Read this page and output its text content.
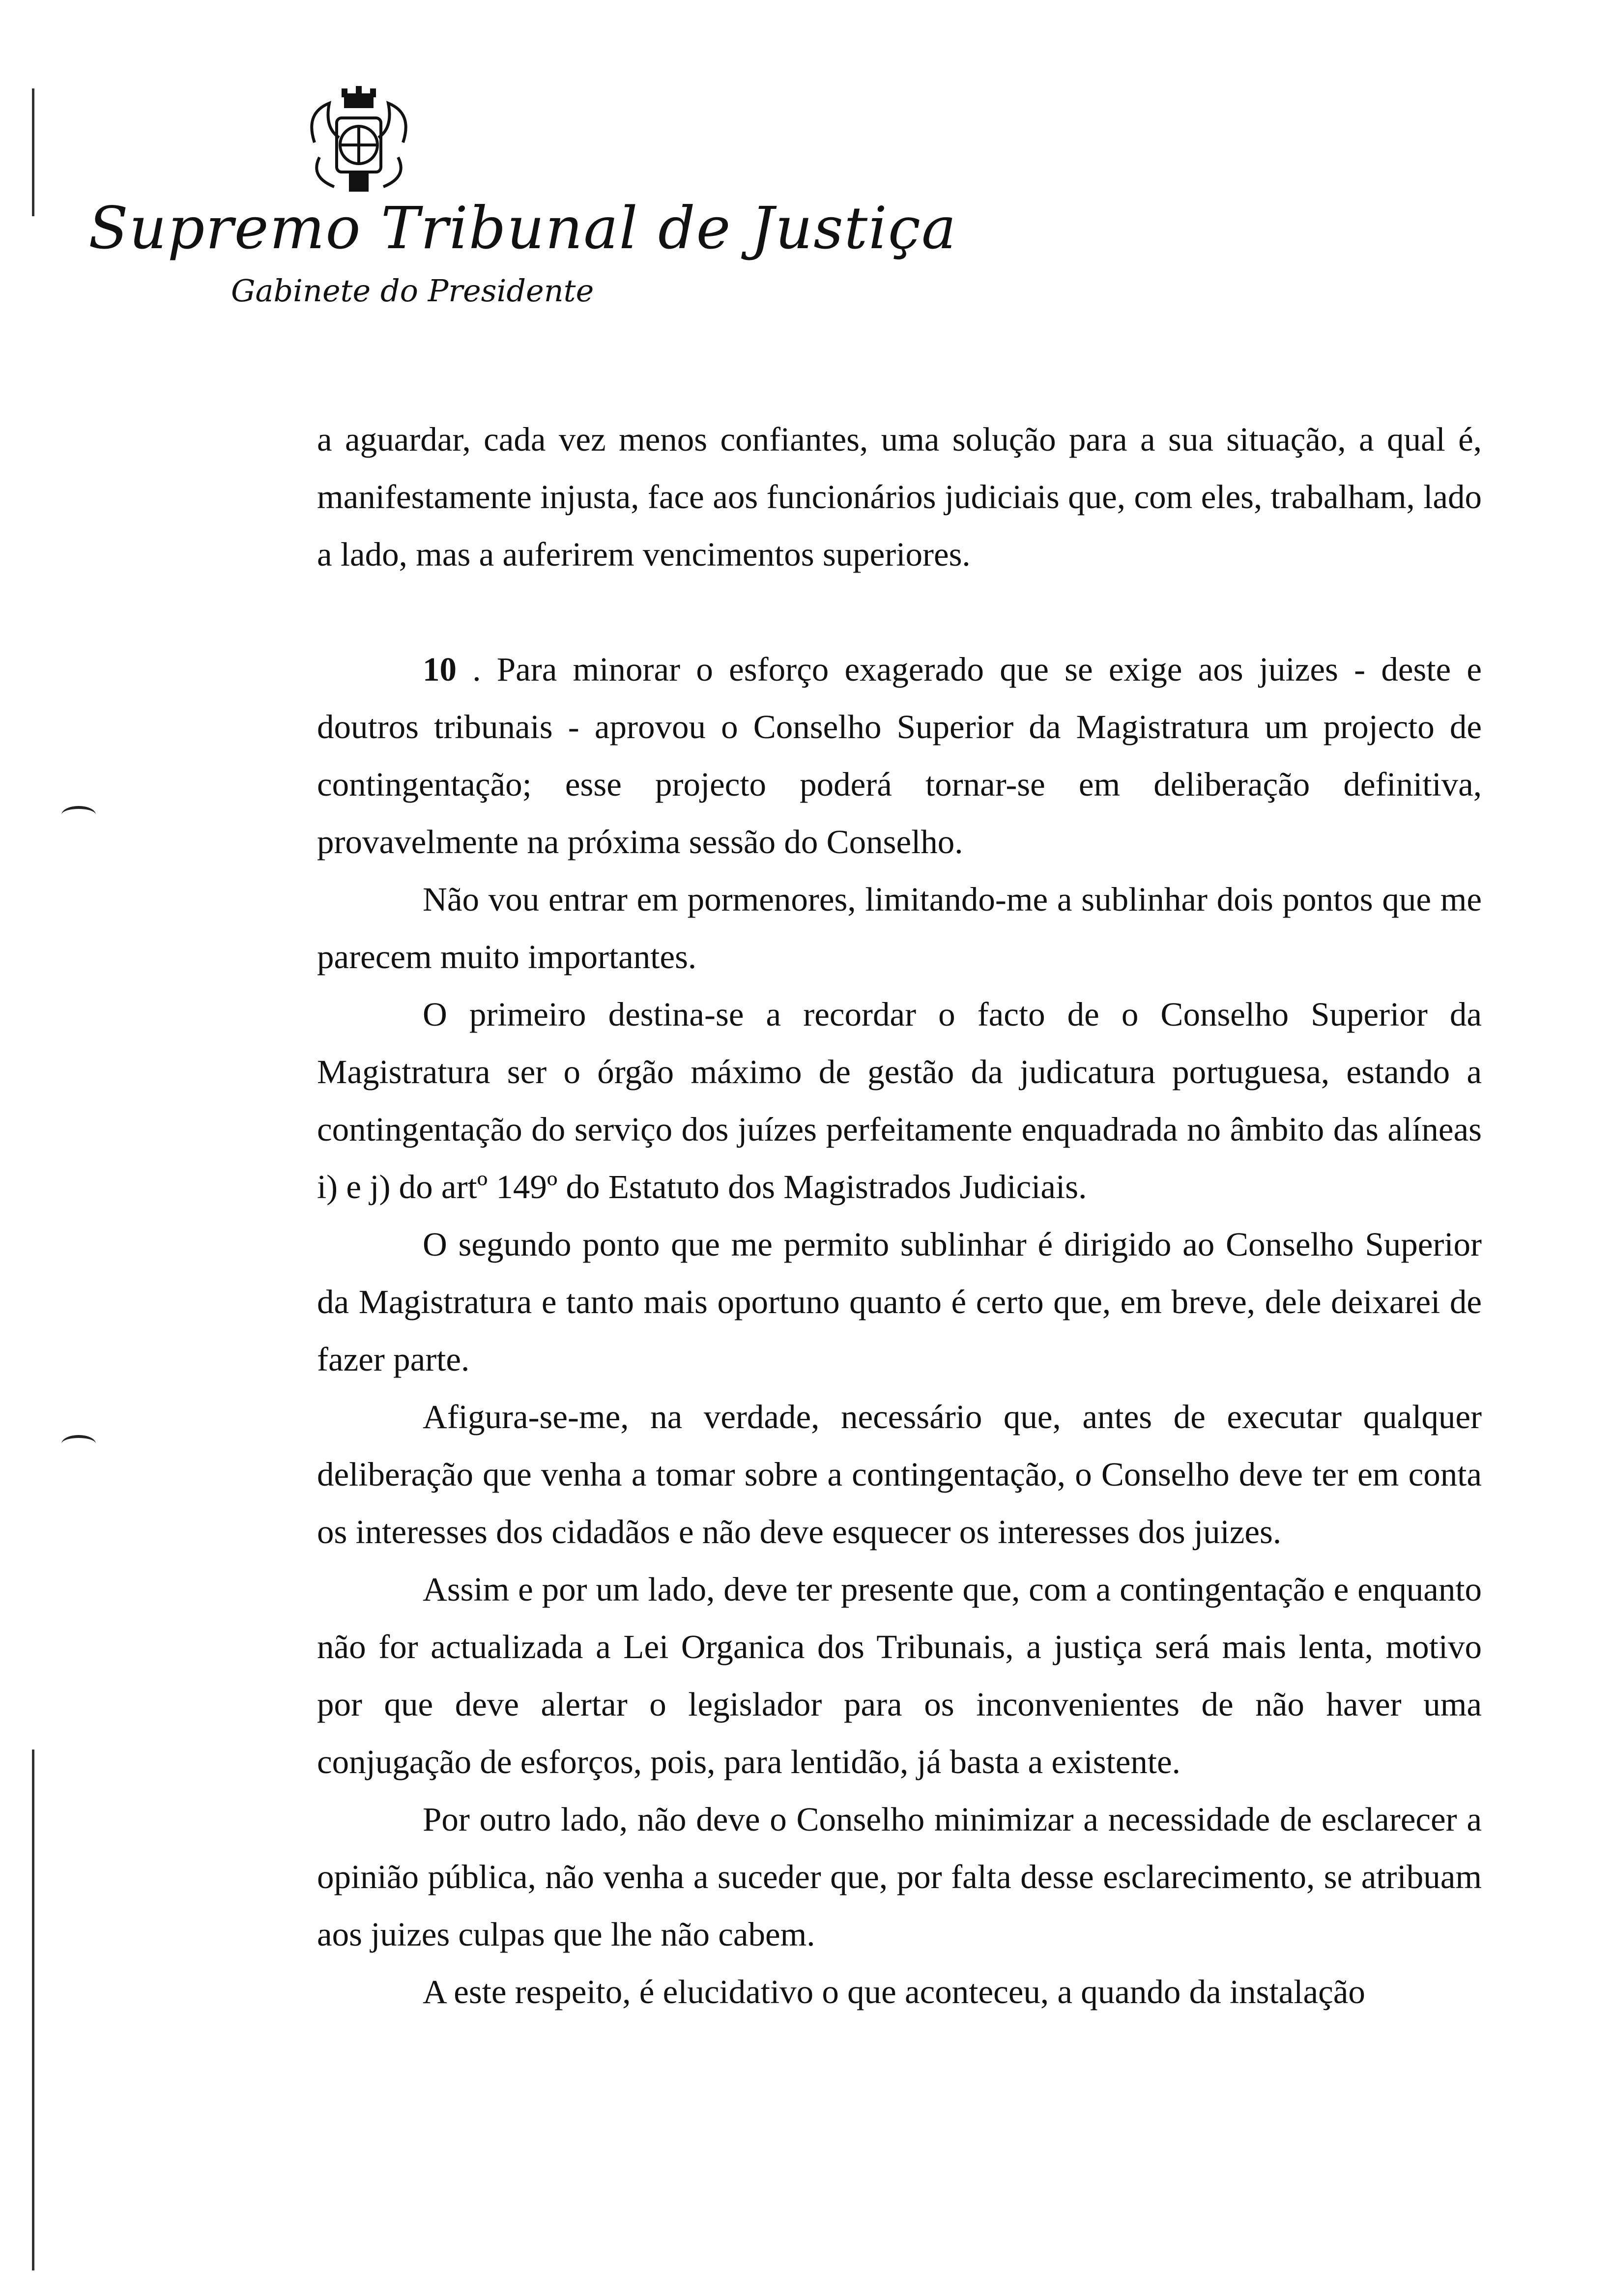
Supremo Tribunal de Justiça
Gabinete do Presidente

a aguardar, cada vez menos confiantes, uma solução para a sua situação, a qual é, manifestamente injusta, face aos funcionários judiciais que, com eles, trabalham, lado a lado, mas a auferirem vencimentos superiores.

10 . Para minorar o esforço exagerado que se exige aos juizes - deste e doutros tribunais - aprovou o Conselho Superior da Magistratura um projecto de contingentação; esse projecto poderá tornar-se em deliberação definitiva, provavelmente na próxima sessão do Conselho.

Não vou entrar em pormenores, limitando-me a sublinhar dois pontos que me parecem muito importantes.

O primeiro destina-se a recordar o facto de o Conselho Superior da Magistratura ser o órgão máximo de gestão da judicatura portuguesa, estando a contingentação do serviço dos juízes perfeitamente enquadrada no âmbito das alíneas i) e j) do artº 149º do Estatuto dos Magistrados Judiciais.

O segundo ponto que me permito sublinhar é dirigido ao Conselho Superior da Magistratura e tanto mais oportuno quanto é certo que, em breve, dele deixarei de fazer parte.

Afigura-se-me, na verdade, necessário que, antes de executar qualquer deliberação que venha a tomar sobre a contingentação, o Conselho deve ter em conta os interesses dos cidadãos e não deve esquecer os interesses dos juizes.

Assim e por um lado, deve ter presente que, com a contingentação e enquanto não for actualizada a Lei Organica dos Tribunais, a justiça será mais lenta, motivo por que deve alertar o legislador para os inconvenientes de não haver uma conjugação de esforços, pois, para lentidão, já basta a existente.

Por outro lado, não deve o Conselho minimizar a necessidade de esclarecer a opinião pública, não venha a suceder que, por falta desse esclarecimento, se atribuam aos juizes culpas que lhe não cabem.

A este respeito, é elucidativo o que aconteceu, a quando da instalação
